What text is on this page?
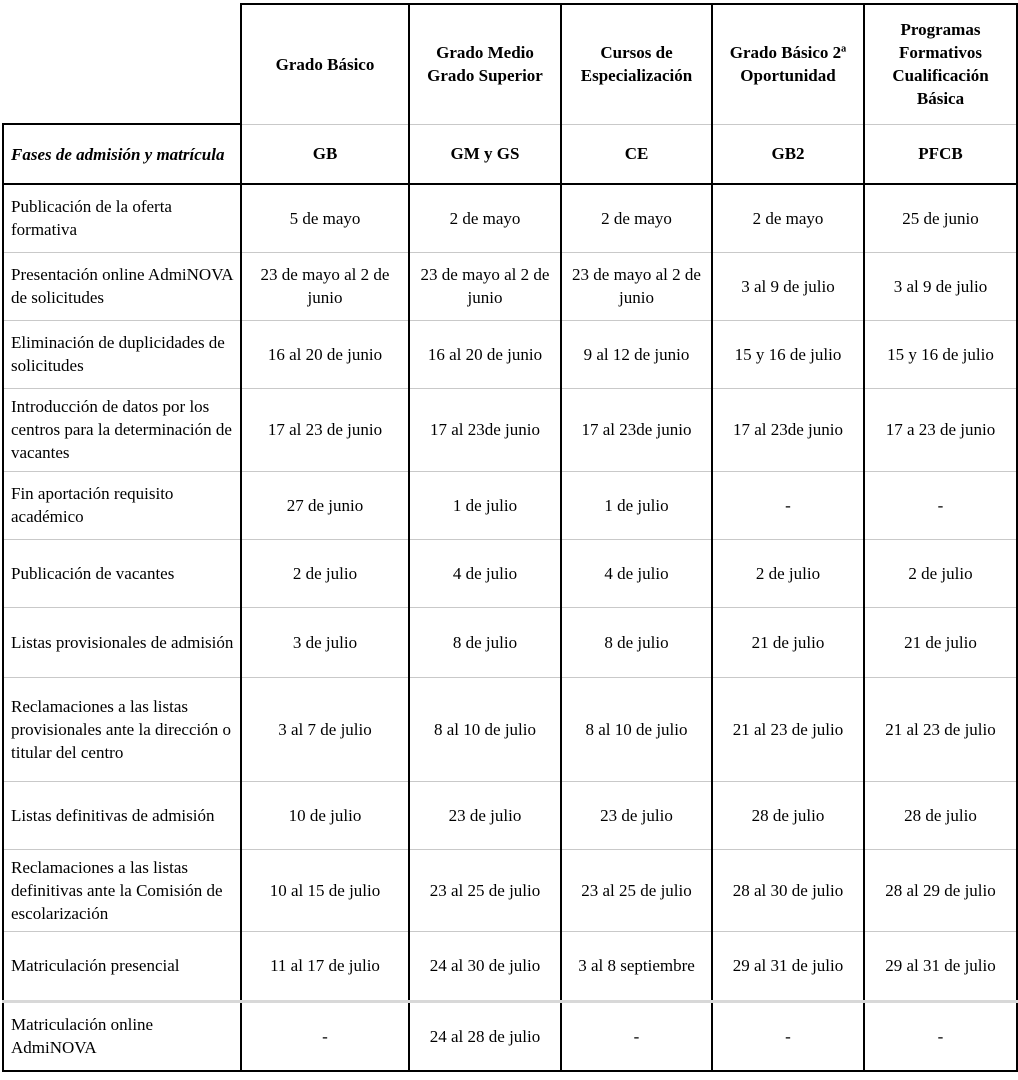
	Grado Básico	Grado Medio Grado Superior	Cursos de Especialización	Grado Básico 2ª Oportunidad	Programas Formativos Cualificación Básica
Fases de admisión y matrícula	GB	GM y GS	CE	GB2	PFCB
Publicación de la oferta formativa	5 de mayo	2 de mayo	2 de mayo	2 de mayo	25 de junio
Presentación online AdmiNOVA de solicitudes	23 de mayo al 2 de junio	23 de mayo al 2 de junio	23 de mayo al 2 de junio	3 al 9 de julio	3 al 9 de julio
Eliminación de duplicidades de solicitudes	16 al 20 de junio	16 al 20 de junio	9 al 12 de junio	15 y 16 de julio	15 y 16 de julio
Introducción de datos por los centros para la determinación de vacantes	17 al 23 de junio	17 al 23de junio	17 al 23de junio	17 al 23de junio	17 a 23 de junio
Fin aportación requisito académico	27 de junio	1 de julio	1 de julio	-	-
Publicación de vacantes	2 de julio	4 de julio	4 de julio	2 de julio	2 de julio
Listas provisionales de admisión	3 de julio	8 de julio	8 de julio	21 de julio	21 de julio
Reclamaciones a las listas provisionales ante la dirección o titular del centro	3 al 7 de julio	8 al 10 de julio	8 al 10 de julio	21 al 23 de julio	21 al 23 de julio
Listas definitivas de admisión	10 de julio	23 de julio	23 de julio	28 de julio	28 de julio
Reclamaciones a las listas definitivas ante la Comisión de escolarización	10 al 15 de julio	23 al 25 de julio	23 al 25 de julio	28 al 30 de julio	28 al 29 de julio
Matriculación presencial	11 al 17 de julio	24 al 30 de julio	3 al 8 septiembre	29 al 31 de julio	29 al 31 de julio
Matriculación online AdmiNOVA	-	24 al 28 de julio	-	-	-
